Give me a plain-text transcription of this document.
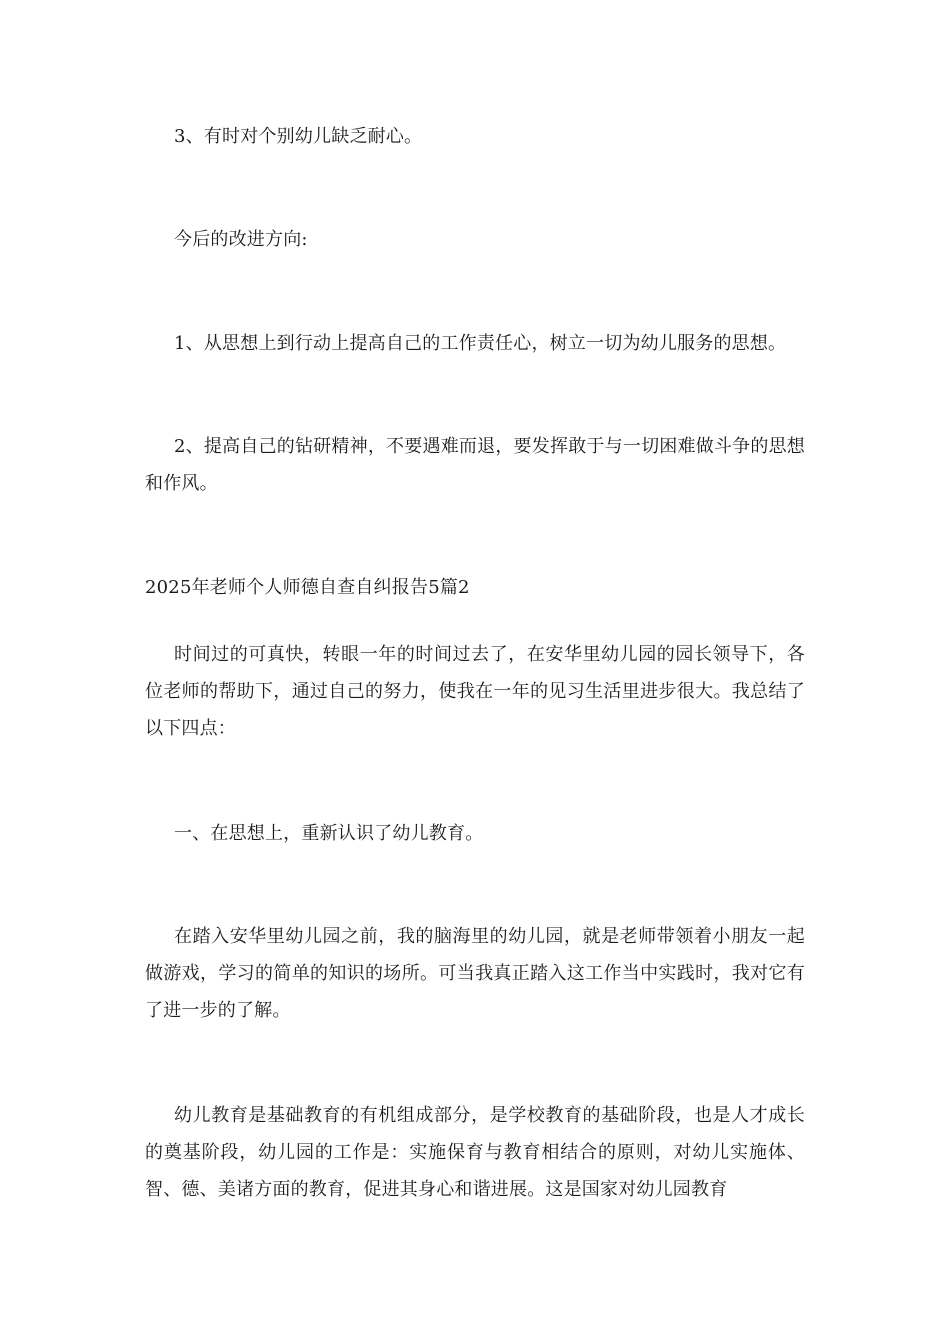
3、有时对个别幼儿缺乏耐心。

今后的改进方向:

1、从思想上到行动上提高自己的工作责任心，树立一切为幼儿服务的思想。

2、提高自己的钻研精神，不要遇难而退，要发挥敢于与一切困难做斗争的思想和作风。

2025年老师个人师德自查自纠报告5篇2

时间过的可真快，转眼一年的时间过去了，在安华里幼儿园的园长领导下，各位老师的帮助下，通过自己的努力，使我在一年的见习生活里进步很大。我总结了以下四点：

一、在思想上，重新认识了幼儿教育。

在踏入安华里幼儿园之前，我的脑海里的幼儿园，就是老师带领着小朋友一起做游戏，学习的简单的知识的场所。可当我真正踏入这工作当中实践时，我对它有了进一步的了解。

幼儿教育是基础教育的有机组成部分，是学校教育的基础阶段，也是人才成长的奠基阶段，幼儿园的工作是：实施保育与教育相结合的原则，对幼儿实施体、智、德、美诸方面的教育，促进其身心和谐进展。这是国家对幼儿园教育
